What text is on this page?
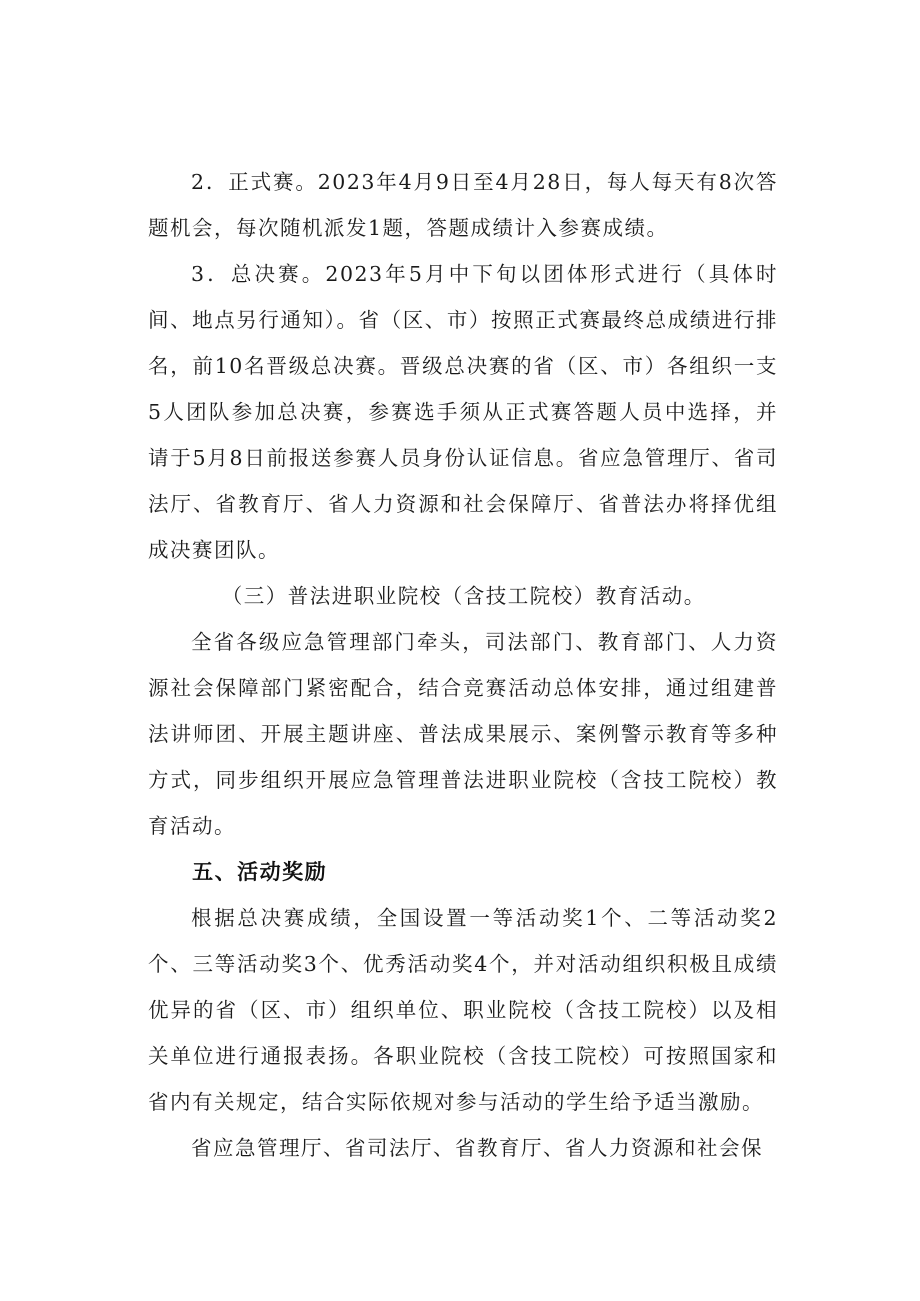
2．正式赛。2023年4月9日至4月28日，每人每天有8次答题机会，每次随机派发1题，答题成绩计入参赛成绩。

3．总决赛。2023年5月中下旬以团体形式进行（具体时间、地点另行通知）。省（区、市）按照正式赛最终总成绩进行排名，前10名晋级总决赛。晋级总决赛的省（区、市）各组织一支5人团队参加总决赛，参赛选手须从正式赛答题人员中选择，并请于5月8日前报送参赛人员身份认证信息。省应急管理厅、省司法厅、省教育厅、省人力资源和社会保障厅、省普法办将择优组成决赛团队。

（三）普法进职业院校（含技工院校）教育活动。

全省各级应急管理部门牵头，司法部门、教育部门、人力资源社会保障部门紧密配合，结合竞赛活动总体安排，通过组建普法讲师团、开展主题讲座、普法成果展示、案例警示教育等多种方式，同步组织开展应急管理普法进职业院校（含技工院校）教育活动。

五、活动奖励

根据总决赛成绩，全国设置一等活动奖1个、二等活动奖2个、三等活动奖3个、优秀活动奖4个，并对活动组织积极且成绩优异的省（区、市）组织单位、职业院校（含技工院校）以及相关单位进行通报表扬。各职业院校（含技工院校）可按照国家和省内有关规定，结合实际依规对参与活动的学生给予适当激励。

省应急管理厅、省司法厅、省教育厅、省人力资源和社会保
